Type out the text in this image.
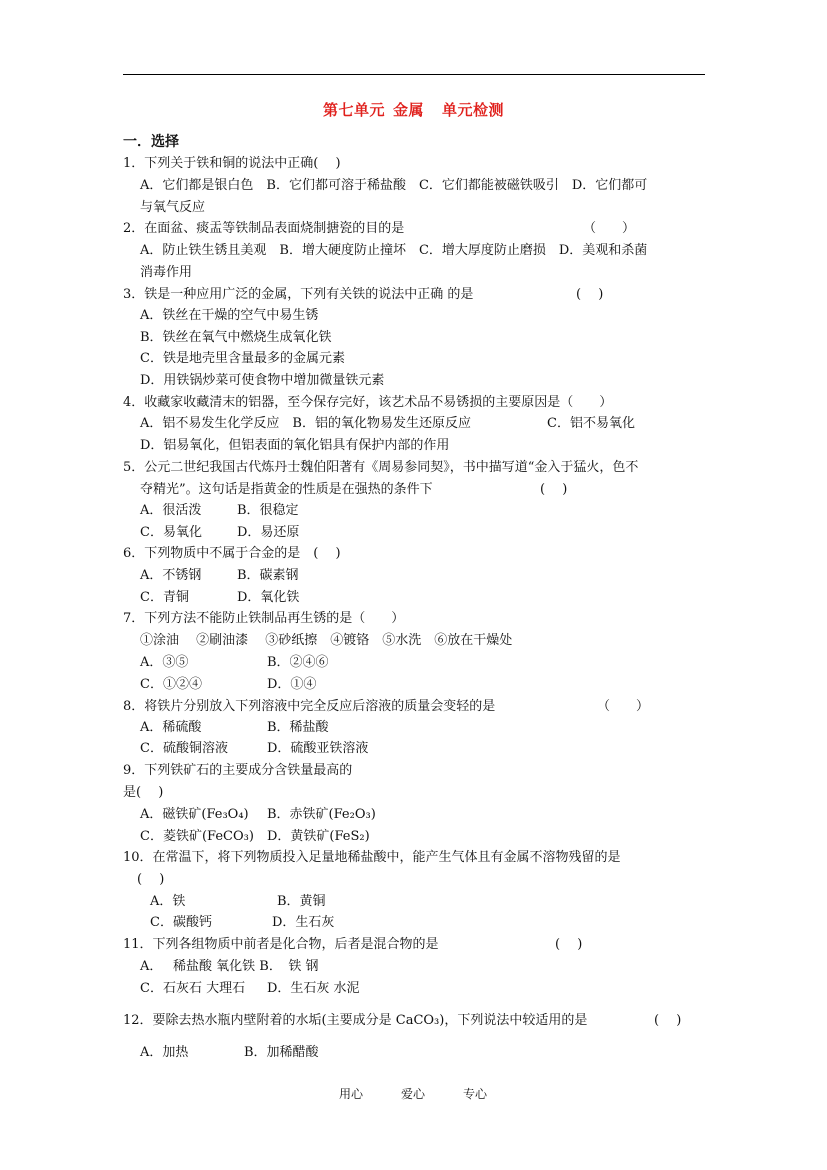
第七单元 金属 单元检测
一．选择
1．下列关于铁和铜的说法中正确(　 )
A．它们都是银白色　B．它们都可溶于稀盐酸　C．它们都能被磁铁吸引　D．它们都可
与氧气反应
2．在面盆、痰盂等铁制品表面烧制搪瓷的目的是	（　　）
A．防止铁生锈且美观　B．增大硬度防止撞坏　C．增大厚度防止磨损　D．美观和杀菌
消毒作用
3．铁是一种应用广泛的金属，下列有关铁的说法中正确 的是	(　 )
A．铁丝在干燥的空气中易生锈
B．铁丝在氧气中燃烧生成氧化铁
C．铁是地壳里含量最多的金属元素
D．用铁锅炒菜可使食物中增加微量铁元素
4．收藏家收藏清末的铝器，至今保存完好，该艺术品不易锈损的主要原因是（　　）
A．铝不易发生化学反应　B．铝的氧化物易发生还原反应	C．铝不易氧化
D．铝易氧化，但铝表面的氧化铝具有保护内部的作用
5．公元二世纪我国古代炼丹士魏伯阳著有《周易参同契》，书中描写道“金入于猛火，色不
夺精光”。这句话是指黄金的性质是在强热的条件下	(　 )
A．很活泼	B．很稳定
C．易氧化	D．易还原
6．下列物质中不属于合金的是　(　 )
A．不锈钢	B．碳素钢
C．青铜	D．氧化铁
7．下列方法不能防止铁制品再生锈的是（　　）
①涂油　 ②刷油漆　 ③砂纸擦　④镀铬　⑤水洗　⑥放在干燥处
A．③⑤	B．②④⑥
C．①②④	D．①④
8．将铁片分别放入下列溶液中完全反应后溶液的质量会变轻的是	（　　）
A．稀硫酸	B．稀盐酸
C．硫酸铜溶液	D．硫酸亚铁溶液
9．下列铁矿石的主要成分含铁量最高的
是(　 )
A．磁铁矿(Fe₃O₄) B．赤铁矿(Fe₂O₃)
C．菱铁矿(FeCO₃) D．黄铁矿(FeS₂)
10．在常温下，将下列物质投入足量地稀盐酸中，能产生气体且有金属不溶物残留的是
(　 )
A．铁	B．黄铜
C．碳酸钙	D．生石灰
11．下列各组物质中前者是化合物，后者是混合物的是	(　 )
A．　 稀盐酸 氧化铁 B．　铁 钢
C．石灰石 大理石 D．生石灰 水泥
12．要除去热水瓶内壁附着的水垢(主要成分是 CaCO₃)，下列说法中较适用的是	(　 )
A．加热	B．加稀醋酸
用心	爱心	专心
